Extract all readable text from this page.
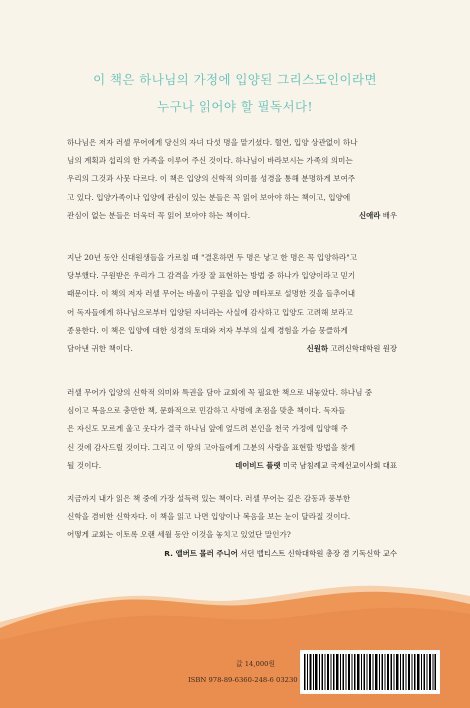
이 책은 하나님의 가정에 입양된 그리스도인이라면
누구나 읽어야 할 필독서다!
하나님은 저자 러셀 무어에게 당신의 자녀 다섯 명을 맡기셨다. 혈연, 입양 상관없이 하나
님의 계획과 섭리의 한 가족을 이루어 주신 것이다. 하나님이 바라보시는 가족의 의미는
우리의 그것과 사뭇 다르다. 이 책은 입양의 신학적 의미를 성경을 통해 분명하게 보여주
고 있다. 입양가족이나 입양에 관심이 있는 분들은 꼭 읽어 보아야 하는 책이고, 입양에
관심이 없는 분들은 더욱더 꼭 읽어 보아야 하는 책이다.	신애라 배우
지난 20년 동안 신대원생들을 가르칠 때 "결혼하면 두 명은 낳고 한 명은 꼭 입양하라"고
당부했다. 구원받은 우리가 그 감격을 가장 잘 표현하는 방법 중 하나가 입양이라고 믿기
때문이다. 이 책의 저자 러셀 무어는 바울이 구원을 입양 메타포로 설명한 것을 들추어내
어 독자들에게 하나님으로부터 입양된 자녀라는 사실에 감사하고 입양도 고려해 보라고
종용한다. 이 책은 입양에 대한 성경의 토대와 저자 부부의 실제 경험을 가슴 뭉클하게
담아낸 귀한 책이다.	신원하 고려신학대학원 원장
러셀 무어가 입양의 신학적 의미와 특권을 담아 교회에 꼭 필요한 책으로 내놓았다. 하나님 중
심이고 복음으로 충만한 책, 문화적으로 민감하고 사명에 초점을 맞춘 책이다. 독자들
은 자신도 모르게 울고 웃다가 결국 하나님 앞에 엎드려 본인을 천국 가정에 입양해 주
신 것에 감사드릴 것이다. 그리고 이 땅의 고아들에게 그분의 사랑을 표현할 방법을 찾게
될 것이다.	데이비드 플랫 미국 남침례교 국제선교이사회 대표
지금까지 내가 읽은 책 중에 가장 설득력 있는 책이다. 러셀 무어는 깊은 감동과 풍부한
신학을 겸비한 신학자다. 이 책을 읽고 나면 입양이나 복음을 보는 눈이 달라질 것이다.
어떻게 교회는 이토록 오랜 세월 동안 이것을 놓치고 있었단 말인가?
R. 앨버트 몰러 주니어 서던 뱁티스트 신학대학원 총장 겸 기독신학 교수
값 14,000원
ISBN 978-89-6360-248-6 03230
